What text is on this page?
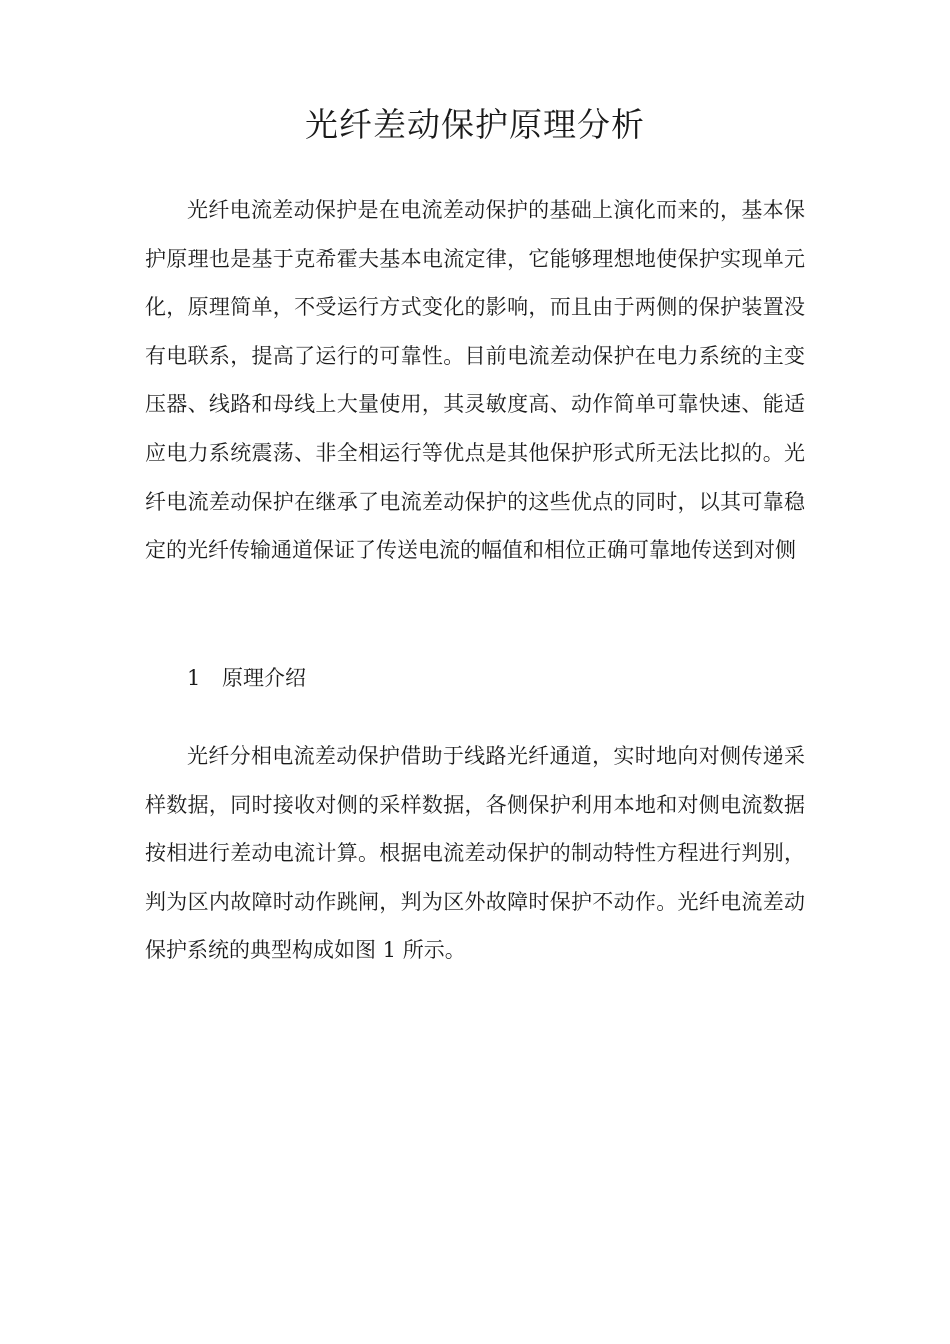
光纤差动保护原理分析

光纤电流差动保护是在电流差动保护的基础上演化而来的，基本保护原理也是基于克希霍夫基本电流定律，它能够理想地使保护实现单元化，原理简单，不受运行方式变化的影响，而且由于两侧的保护装置没有电联系，提高了运行的可靠性。目前电流差动保护在电力系统的主变压器、线路和母线上大量使用，其灵敏度高、动作简单可靠快速、能适应电力系统震荡、非全相运行等优点是其他保护形式所无法比拟的。光纤电流差动保护在继承了电流差动保护的这些优点的同时，以其可靠稳定的光纤传输通道保证了传送电流的幅值和相位正确可靠地传送到对侧

1 原理介绍

光纤分相电流差动保护借助于线路光纤通道，实时地向对侧传递采样数据，同时接收对侧的采样数据，各侧保护利用本地和对侧电流数据按相进行差动电流计算。根据电流差动保护的制动特性方程进行判别，判为区内故障时动作跳闸，判为区外故障时保护不动作。光纤电流差动保护系统的典型构成如图 1 所示。
